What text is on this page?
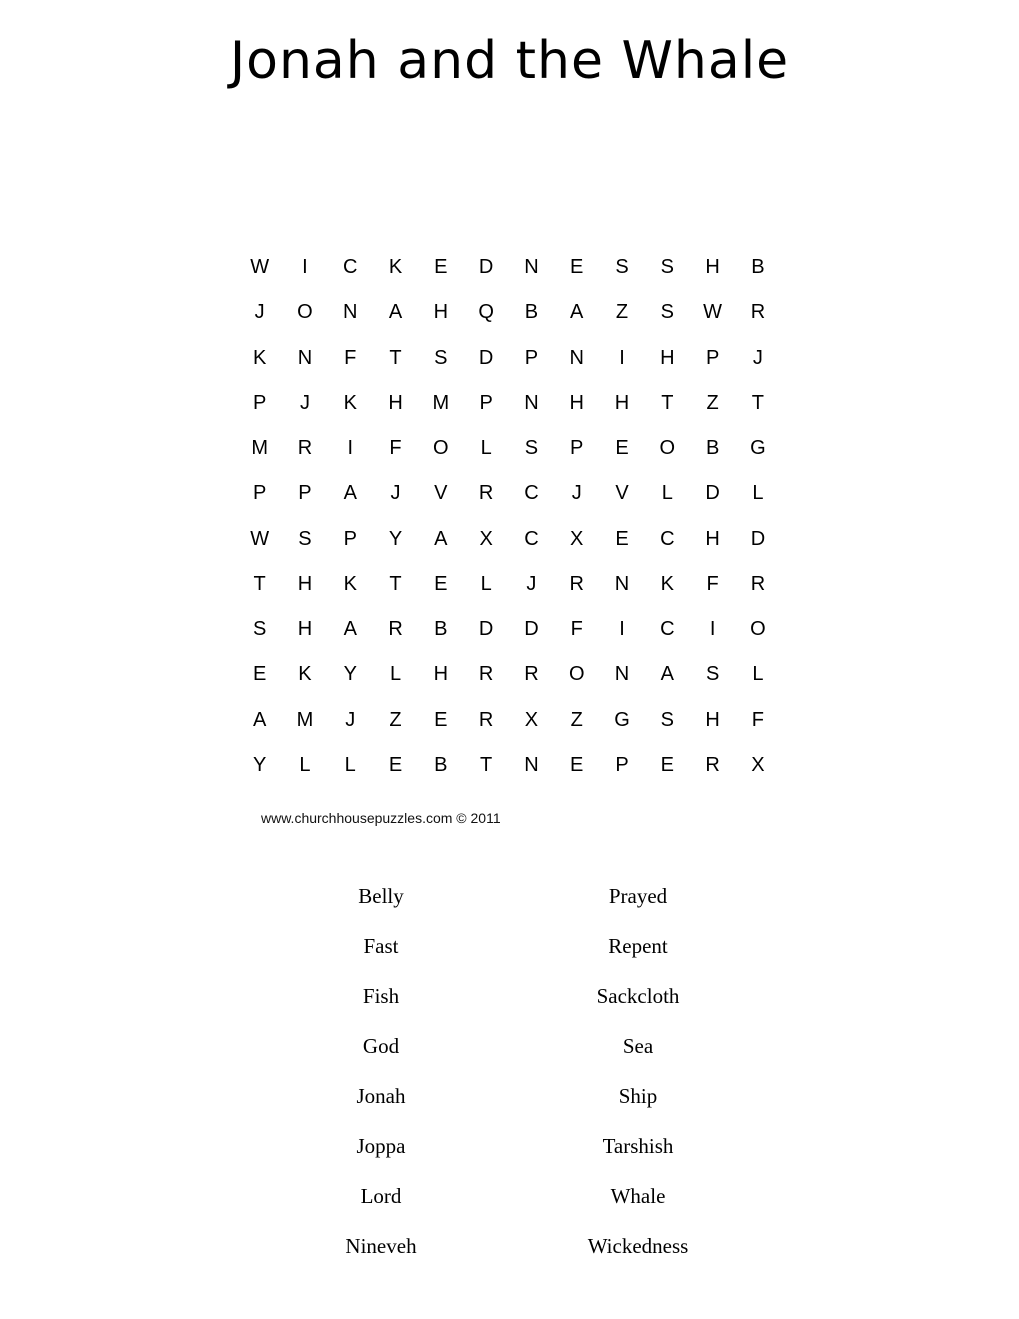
Jonah and the Whale
W	I	C	K	E	D	N	E	S	S	H	B
J	O	N	A	H	Q	B	A	Z	S	W	R
K	N	F	T	S	D	P	N	I	H	P	J
P	J	K	H	M	P	N	H	H	T	Z	T
M	R	I	F	O	L	S	P	E	O	B	G
P	P	A	J	V	R	C	J	V	L	D	L
W	S	P	Y	A	X	C	X	E	C	H	D
T	H	K	T	E	L	J	R	N	K	F	R
S	H	A	R	B	D	D	F	I	C	I	O
E	K	Y	L	H	R	R	O	N	A	S	L
A	M	J	Z	E	R	X	Z	G	S	H	F
Y	L	L	E	B	T	N	E	P	E	R	X
www.churchhousepuzzles.com © 2011
Belly
Fast
Fish
God
Jonah
Joppa
Lord
Nineveh
Prayed
Repent
Sackcloth
Sea
Ship
Tarshish
Whale
Wickedness
